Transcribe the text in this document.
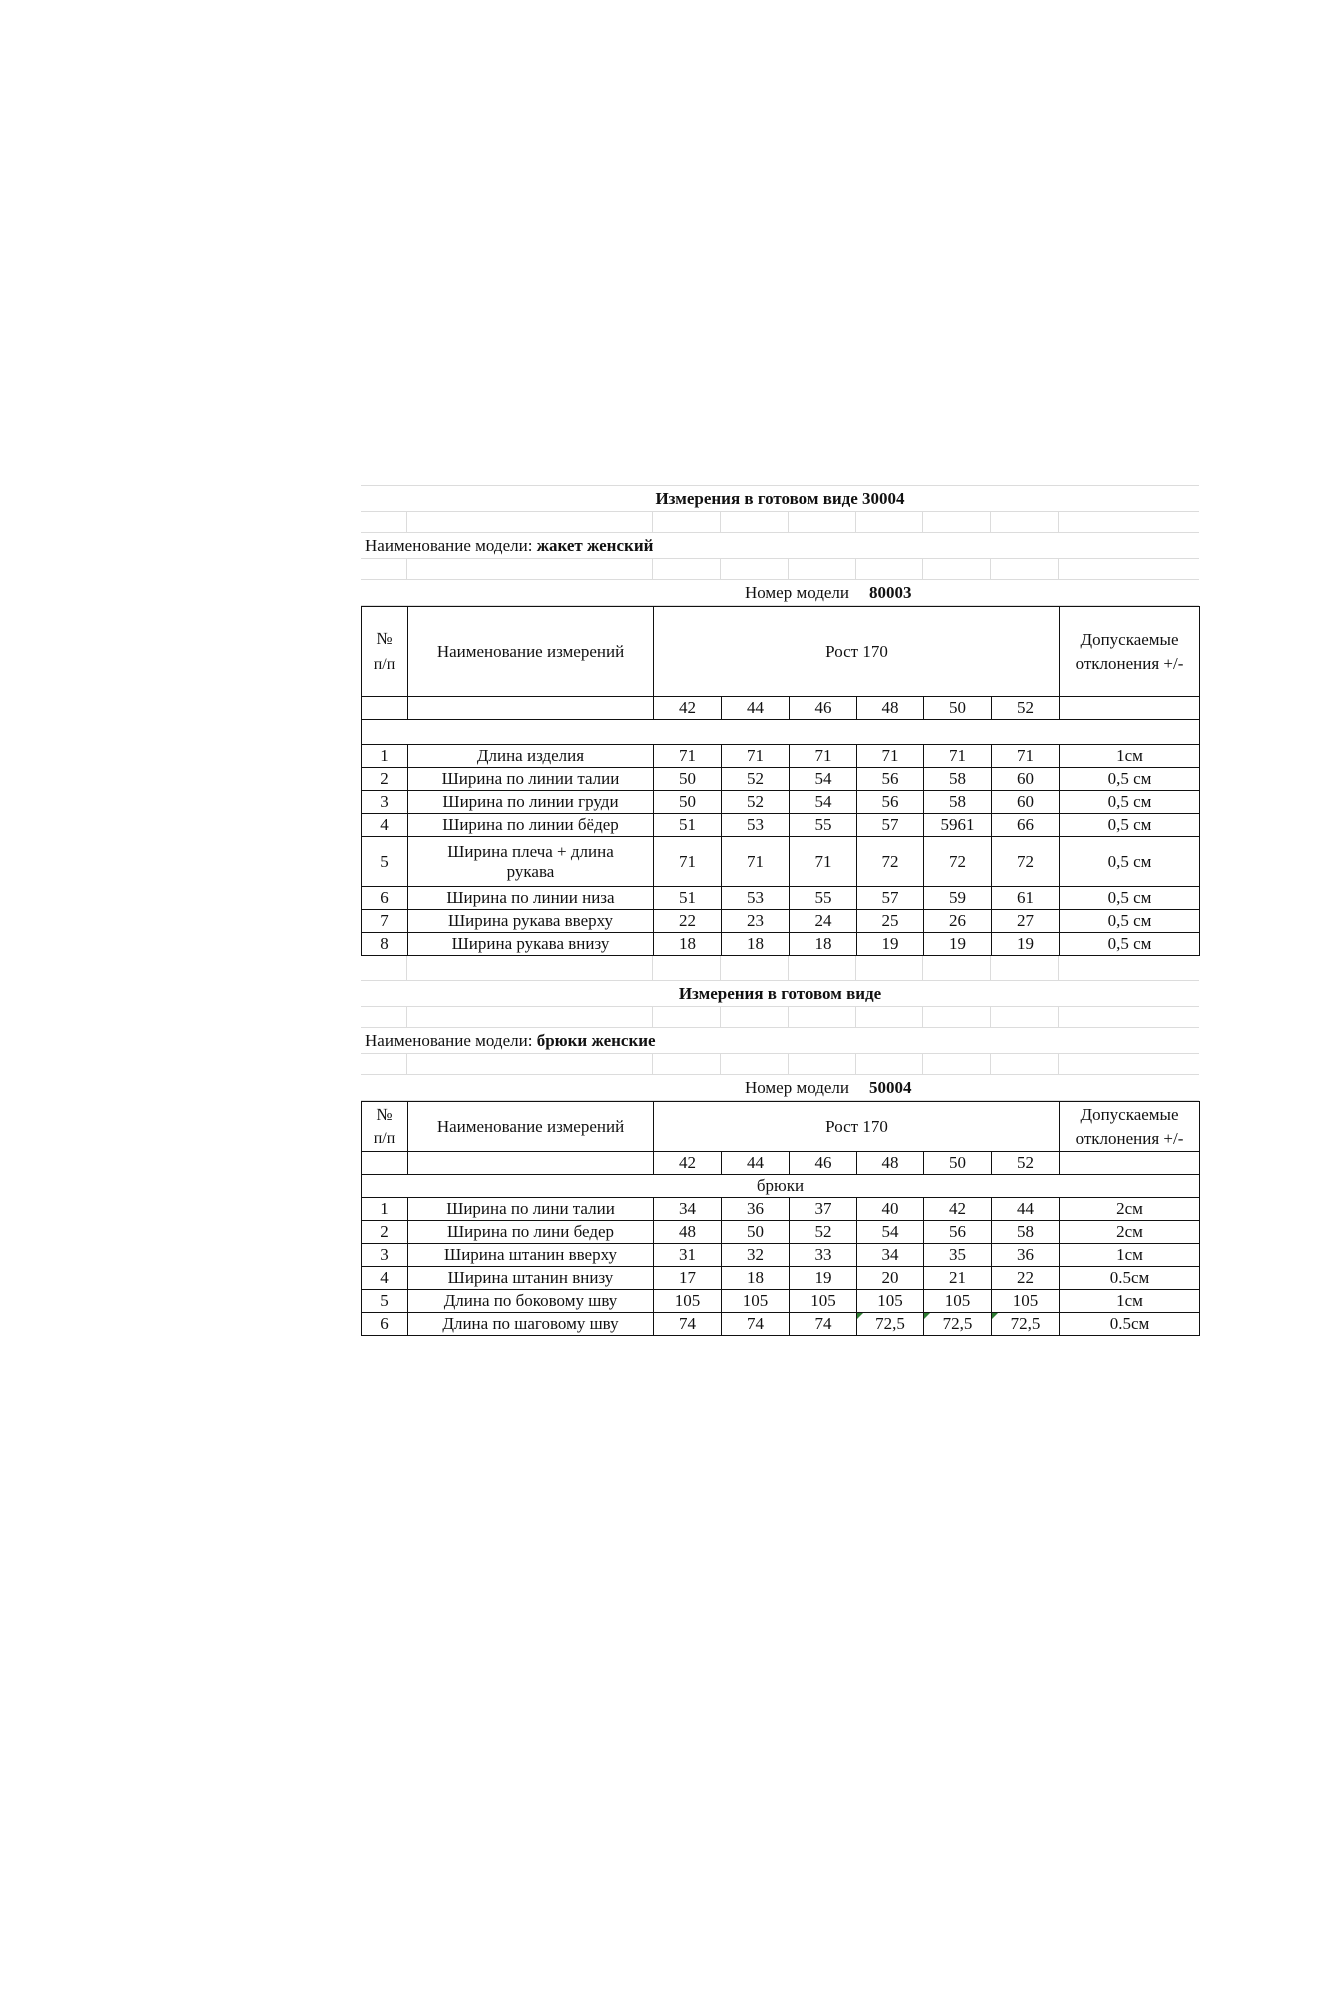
Измерения в готовом виде 30004
Наименование модели:
жакет женский
Номер модели 80003
№
п/п	Наименование измерений	Рост 170						Допускаемые отклонения +/-
		42	44	46	48	50	52	

1	Длина изделия	71	71	71	71	71	71	1см
2	Ширина по линии талии	50	52	54	56	58	60	0,5 см
3	Ширина по линии груди	50	52	54	56	58	60	0,5 см
4	Ширина по линии бёдер	51	53	55	57	5961	66	0,5 см
5	Ширина плеча + длина рукава	71	71	71	72	72	72	0,5 см
6	Ширина по линии низа	51	53	55	57	59	61	0,5 см
7	Ширина рукава вверху	22	23	24	25	26	27	0,5 см
8	Ширина рукава внизу	18	18	18	19	19	19	0,5 см
Измерения в готовом виде
Наименование модели:
брюки женские
Номер модели 50004
№
п/п	Наименование измерений	Рост 170						Допускаемые отклонения +/-
		42	44	46	48	50	52	
брюки								
1	Ширина по лини талии	34	36	37	40	42	44	2см
2	Ширина по лини бедер	48	50	52	54	56	58	2см
3	Ширина штанин вверху	31	32	33	34	35	36	1см
4	Ширина штанин внизу	17	18	19	20	21	22	0.5см
5	Длина по боковому шву	105	105	105	105	105	105	1см
6	Длина по шаговому шву	74	74	74	72,5	72,5	72,5	0.5см
